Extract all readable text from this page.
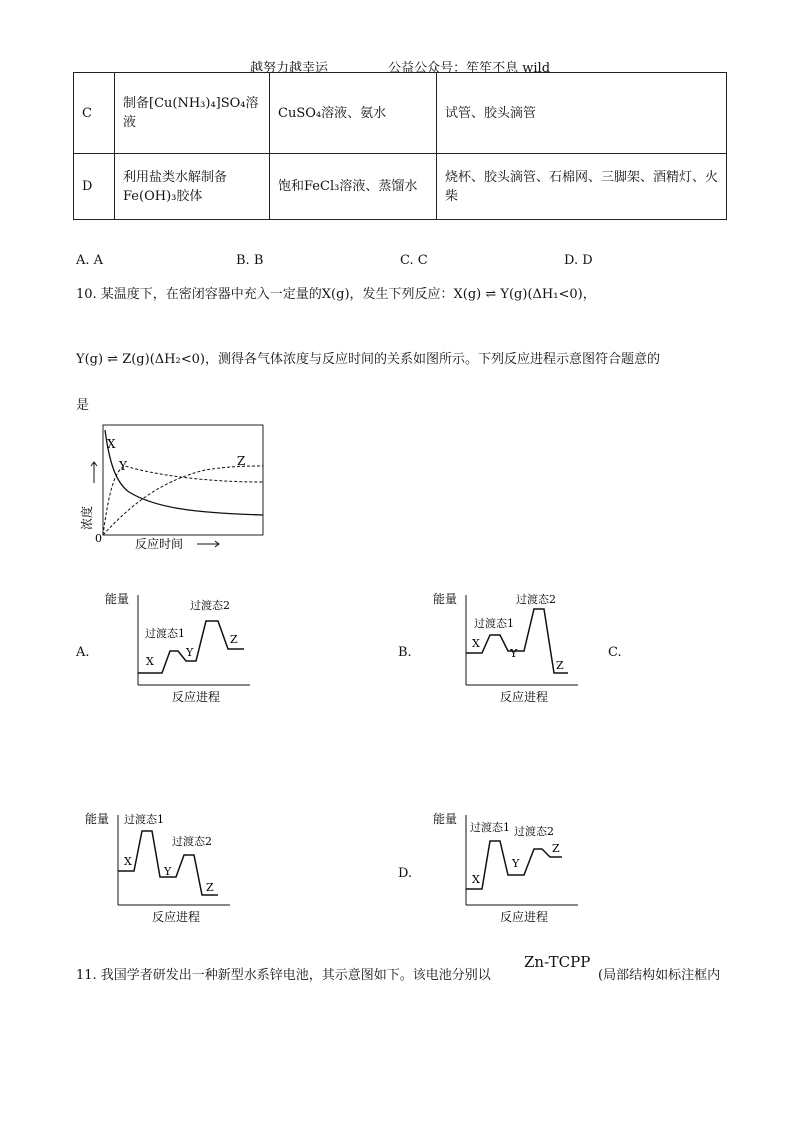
越努力越幸运	公益公众号：笙笙不息 wild
C	制备[Cu(NH₃)₄]SO₄溶液	CuSO₄溶液、氨水	试管、胶头滴管
D	利用盐类水解制备Fe(OH)₃胶体	饱和FeCl₃溶液、蒸馏水	烧杯、胶头滴管、石棉网、三脚架、酒精灯、火柴
A. A	B. B	C. C	D. D
10. 某温度下，在密闭容器中充入一定量的X(g)，发生下列反应：X(g) ⇌ Y(g)(ΔH₁<0)，
Y(g) ⇌ Z(g)(ΔH₂<0)，测得各气体浓度与反应时间的关系如图所示。下列反应进程示意图符合题意的
是
X
Y	Z
0	反应时间
浓度
A.
能量
X
Y
Z
过渡态1
过渡态2
反应进程
B.
能量
X
Y
Z
过渡态1
过渡态2
反应进程
C.
能量
X
Y
Z
过渡态1
过渡态2
反应进程
D.
能量
X
Y
Z
过渡态1 过渡态2
反应进程
11. 我国学者研发出一种新型水系锌电池，其示意图如下。该电池分别以
Zn-TCPP
(局部结构如标注框内
